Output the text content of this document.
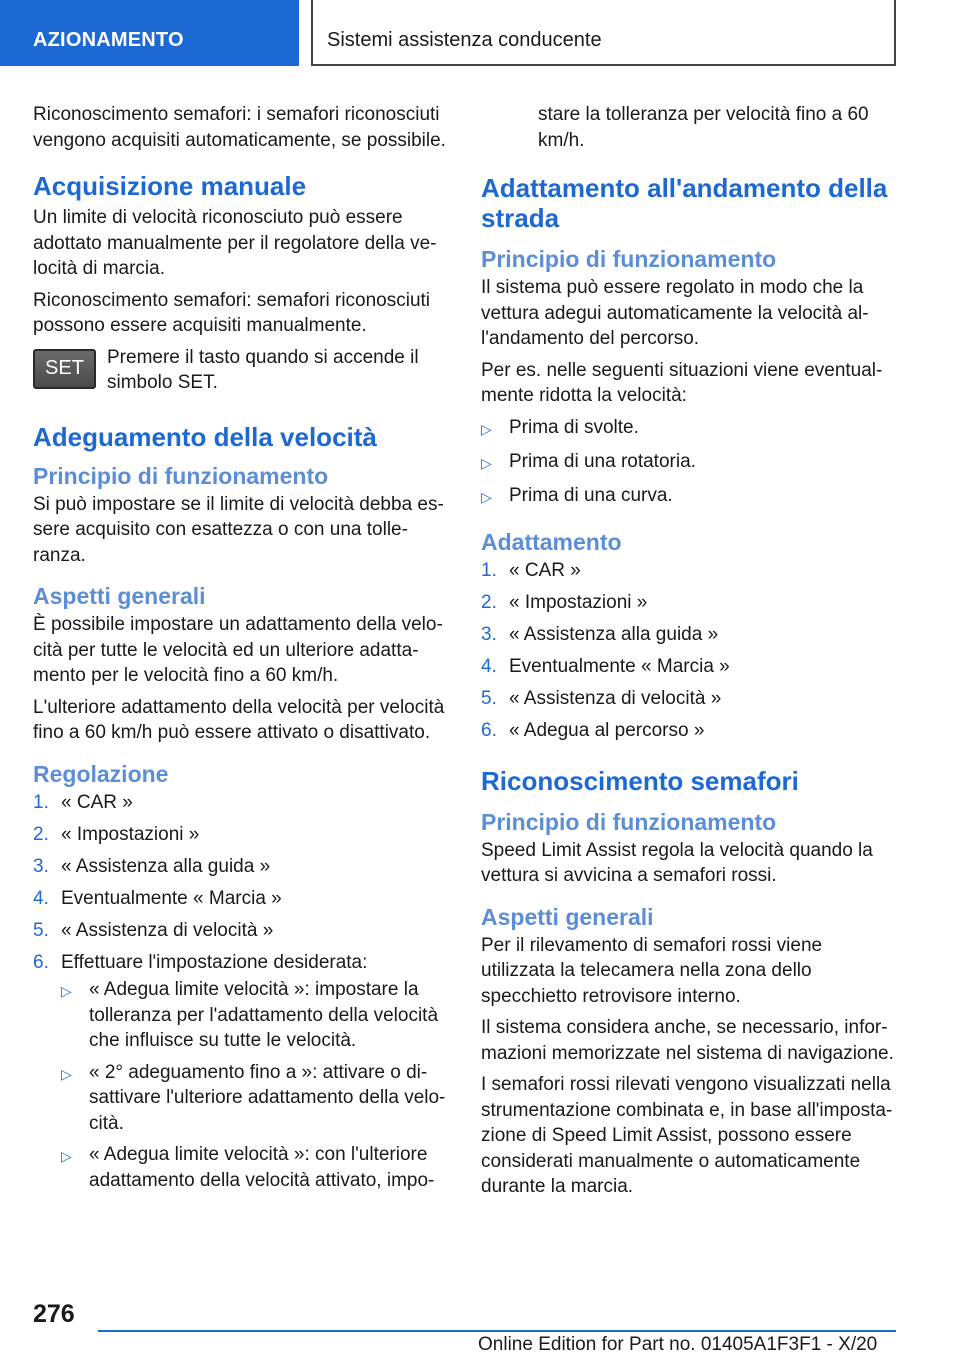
AZIONAMENTO	Sistemi assistenza conducente

Riconoscimento semafori: i semafori riconosciuti vengono acquisiti automaticamente, se possibile.

Acquisizione manuale

Un limite di velocità riconosciuto può essere adottato manualmente per il regolatore della velocità di marcia.

Riconoscimento semafori: semafori riconosciuti possono essere acquisiti manualmente.

SET	Premere il tasto quando si accende il simbolo SET.
Adeguamento della velocità
Principio di funzionamento

Si può impostare se il limite di velocità debba essere acquisito con esattezza o con una tolleranza.

Aspetti generali

È possibile impostare un adattamento della velocità per tutte le velocità ed un ulteriore adattamento per le velocità fino a 60 km/h.

L'ulteriore adattamento della velocità per velocità fino a 60 km/h può essere attivato o disattivato.

Regolazione
1. « CAR »
2. « Impostazioni »
3. « Assistenza alla guida »
4. Eventualmente « Marcia »
5. « Assistenza di velocità »
6. Effettuare l'impostazione desiderata:
▷ « Adegua limite velocità »: impostare la tolleranza per l'adattamento della velocità che influisce su tutte le velocità.
▷ « 2° adeguamento fino a »: attivare o disattivare l'ulteriore adattamento della velocità.
▷ « Adegua limite velocità »: con l'ulteriore adattamento della velocità attivato, impo-

stare la tolleranza per velocità fino a 60 km/h.

Adattamento all'andamento della strada
Principio di funzionamento

Il sistema può essere regolato in modo che la vettura adegui automaticamente la velocità all'andamento del percorso.

Per es. nelle seguenti situazioni viene eventualmente ridotta la velocità:

▷ Prima di svolte.
▷ Prima di una rotatoria.
▷ Prima di una curva.
Adattamento
1. « CAR »
2. « Impostazioni »
3. « Assistenza alla guida »
4. Eventualmente « Marcia »
5. « Assistenza di velocità »
6. « Adegua al percorso »
Riconoscimento semafori
Principio di funzionamento

Speed Limit Assist regola la velocità quando la vettura si avvicina a semafori rossi.

Aspetti generali

Per il rilevamento di semafori rossi viene utilizzata la telecamera nella zona dello specchietto retrovisore interno.

Il sistema considera anche, se necessario, informazioni memorizzate nel sistema di navigazione.

I semafori rossi rilevati vengono visualizzati nella strumentazione combinata e, in base all'impostazione di Speed Limit Assist, possono essere considerati manualmente o automaticamente durante la marcia.

276
Online Edition for Part no. 01405A1F3F1 - X/20
